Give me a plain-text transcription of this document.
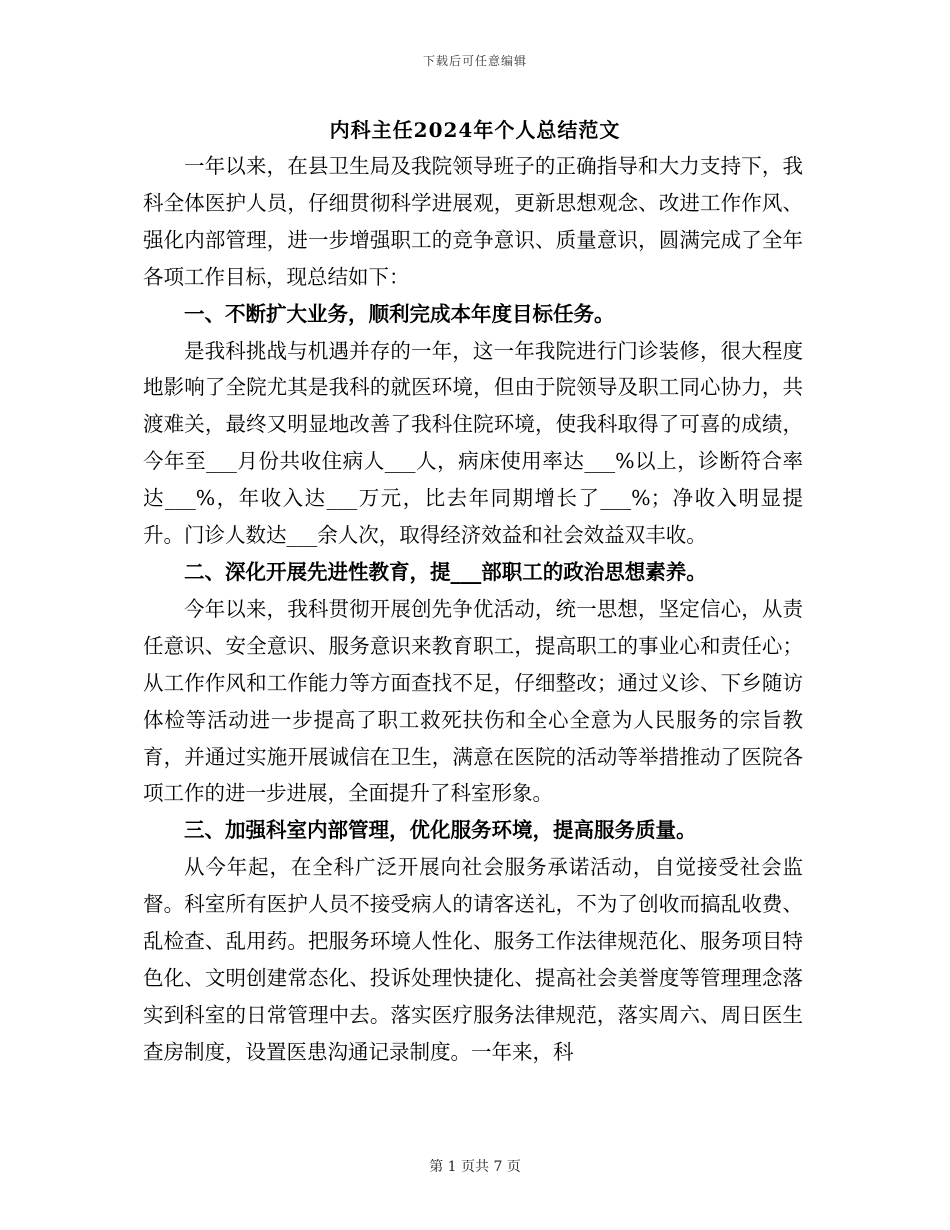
下载后可任意编辑
内科主任2024年个人总结范文

一年以来，在县卫生局及我院领导班子的正确指导和大力支持下，我科全体医护人员，仔细贯彻科学进展观，更新思想观念、改进工作作风、强化内部管理，进一步增强职工的竞争意识、质量意识，圆满完成了全年各项工作目标，现总结如下：

一、不断扩大业务，顺利完成本年度目标任务。

是我科挑战与机遇并存的一年，这一年我院进行门诊装修，很大程度地影响了全院尤其是我科的就医环境，但由于院领导及职工同心协力，共渡难关，最终又明显地改善了我科住院环境，使我科取得了可喜的成绩，今年至___月份共收住病人___人，病床使用率达___%以上，诊断符合率达___%，年收入达___万元，比去年同期增长了___%；净收入明显提升。门诊人数达___余人次，取得经济效益和社会效益双丰收。

二、深化开展先进性教育，提___部职工的政治思想素养。

今年以来，我科贯彻开展创先争优活动，统一思想，坚定信心，从责任意识、安全意识、服务意识来教育职工，提高职工的事业心和责任心；从工作作风和工作能力等方面查找不足，仔细整改；通过义诊、下乡随访体检等活动进一步提高了职工救死扶伤和全心全意为人民服务的宗旨教育，并通过实施开展诚信在卫生，满意在医院的活动等举措推动了医院各项工作的进一步进展，全面提升了科室形象。

三、加强科室内部管理，优化服务环境，提高服务质量。

从今年起，在全科广泛开展向社会服务承诺活动，自觉接受社会监督。科室所有医护人员不接受病人的请客送礼，不为了创收而搞乱收费、乱检查、乱用药。把服务环境人性化、服务工作法律规范化、服务项目特色化、文明创建常态化、投诉处理快捷化、提高社会美誉度等管理理念落实到科室的日常管理中去。落实医疗服务法律规范，落实周六、周日医生查房制度，设置医患沟通记录制度。一年来，科

第 1 页共 7 页
